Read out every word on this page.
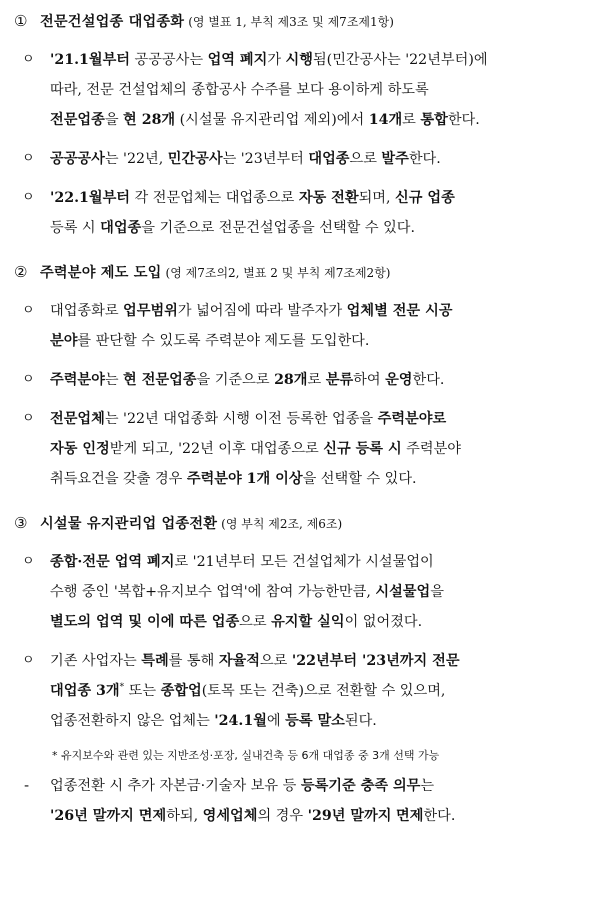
① 전문건설업종 대업종화 (영 별표 1, 부칙 제3조 및 제7조제1항)
ㅇ '21.1월부터 공공공사는 업역 폐지가 시행됨(민간공사는 '22년부터)에
따라, 전문 건설업체의 종합공사 수주를 보다 용이하게 하도록
전문업종을 현 28개 (시설물 유지관리업 제외)에서 14개로 통합한다.
ㅇ 공공공사는 '22년, 민간공사는 '23년부터 대업종으로 발주한다.
ㅇ '22.1월부터 각 전문업체는 대업종으로 자동 전환되며, 신규 업종
등록 시 대업종을 기준으로 전문건설업종을 선택할 수 있다.
② 주력분야 제도 도입 (영 제7조의2, 별표 2 및 부칙 제7조제2항)
ㅇ 대업종화로 업무범위가 넓어짐에 따라 발주자가 업체별 전문 시공
분야를 판단할 수 있도록 주력분야 제도를 도입한다.
ㅇ 주력분야는 현 전문업종을 기준으로 28개로 분류하여 운영한다.
ㅇ 전문업체는 '22년 대업종화 시행 이전 등록한 업종을 주력분야로
자동 인정받게 되고, '22년 이후 대업종으로 신규 등록 시 주력분야
취득요건을 갖출 경우 주력분야 1개 이상을 선택할 수 있다.
③ 시설물 유지관리업 업종전환 (영 부칙 제2조, 제6조)
ㅇ 종합·전문 업역 폐지로 '21년부터 모든 건설업체가 시설물업이
수행 중인 '복합+유지보수 업역'에 참여 가능한만큼, 시설물업을
별도의 업역 및 이에 따른 업종으로 유지할 실익이 없어졌다.
ㅇ 기존 사업자는 특례를 통해 자율적으로 '22년부터 '23년까지 전문
대업종 3개* 또는 종합업(토목 또는 건축)으로 전환할 수 있으며,
업종전환하지 않은 업체는 '24.1월에 등록 말소된다.
* 유지보수와 관련 있는 지반조성·포장, 실내건축 등 6개 대업종 중 3개 선택 가능
- 업종전환 시 추가 자본금·기술자 보유 등 등록기준 충족 의무는
'26년 말까지 면제하되, 영세업체의 경우 '29년 말까지 면제한다.
